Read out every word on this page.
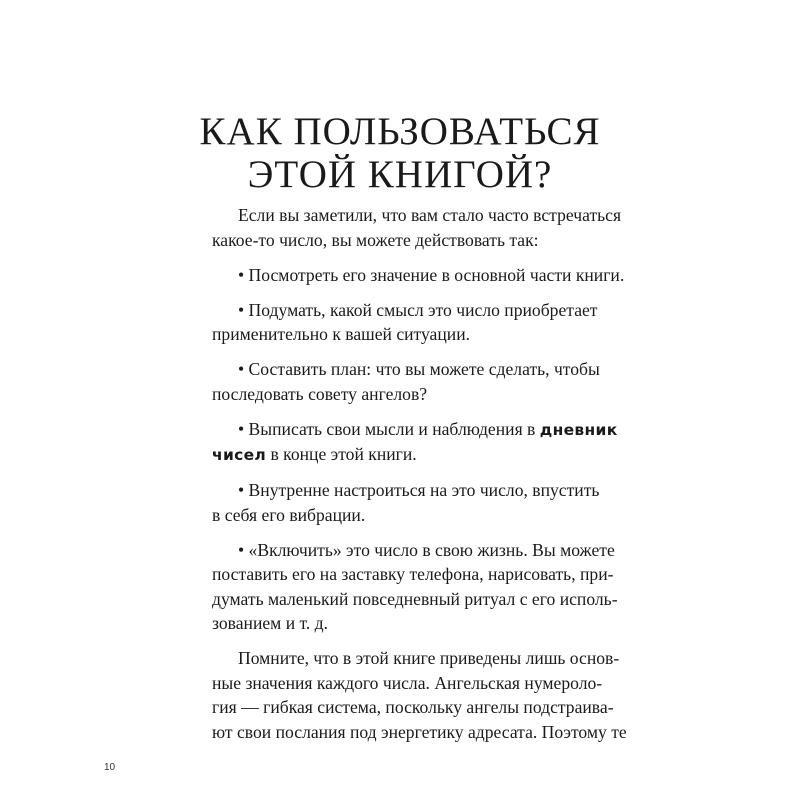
КАК ПОЛЬЗОВАТЬСЯ
ЭТОЙ КНИГОЙ?
Если вы заметили, что вам стало часто встречаться
какое-то число, вы можете действовать так:
• Посмотреть его значение в основной части книги.
• Подумать, какой смысл это число приобретает
применительно к вашей ситуации.
• Составить план: что вы можете сделать, чтобы
последовать совету ангелов?
• Выписать свои мысли и наблюдения в дневник
чисел в конце этой книги.
• Внутренне настроиться на это число, впустить
в себя его вибрации.
• «Включить» это число в свою жизнь. Вы можете
поставить его на заставку телефона, нарисовать, при-
думать маленький повседневный ритуал с его исполь-
зованием и т. д.
Помните, что в этой книге приведены лишь основ-
ные значения каждого числа. Ангельская нумероло-
гия — гибкая система, поскольку ангелы подстраива-
ют свои послания под энергетику адресата. Поэтому те
10
